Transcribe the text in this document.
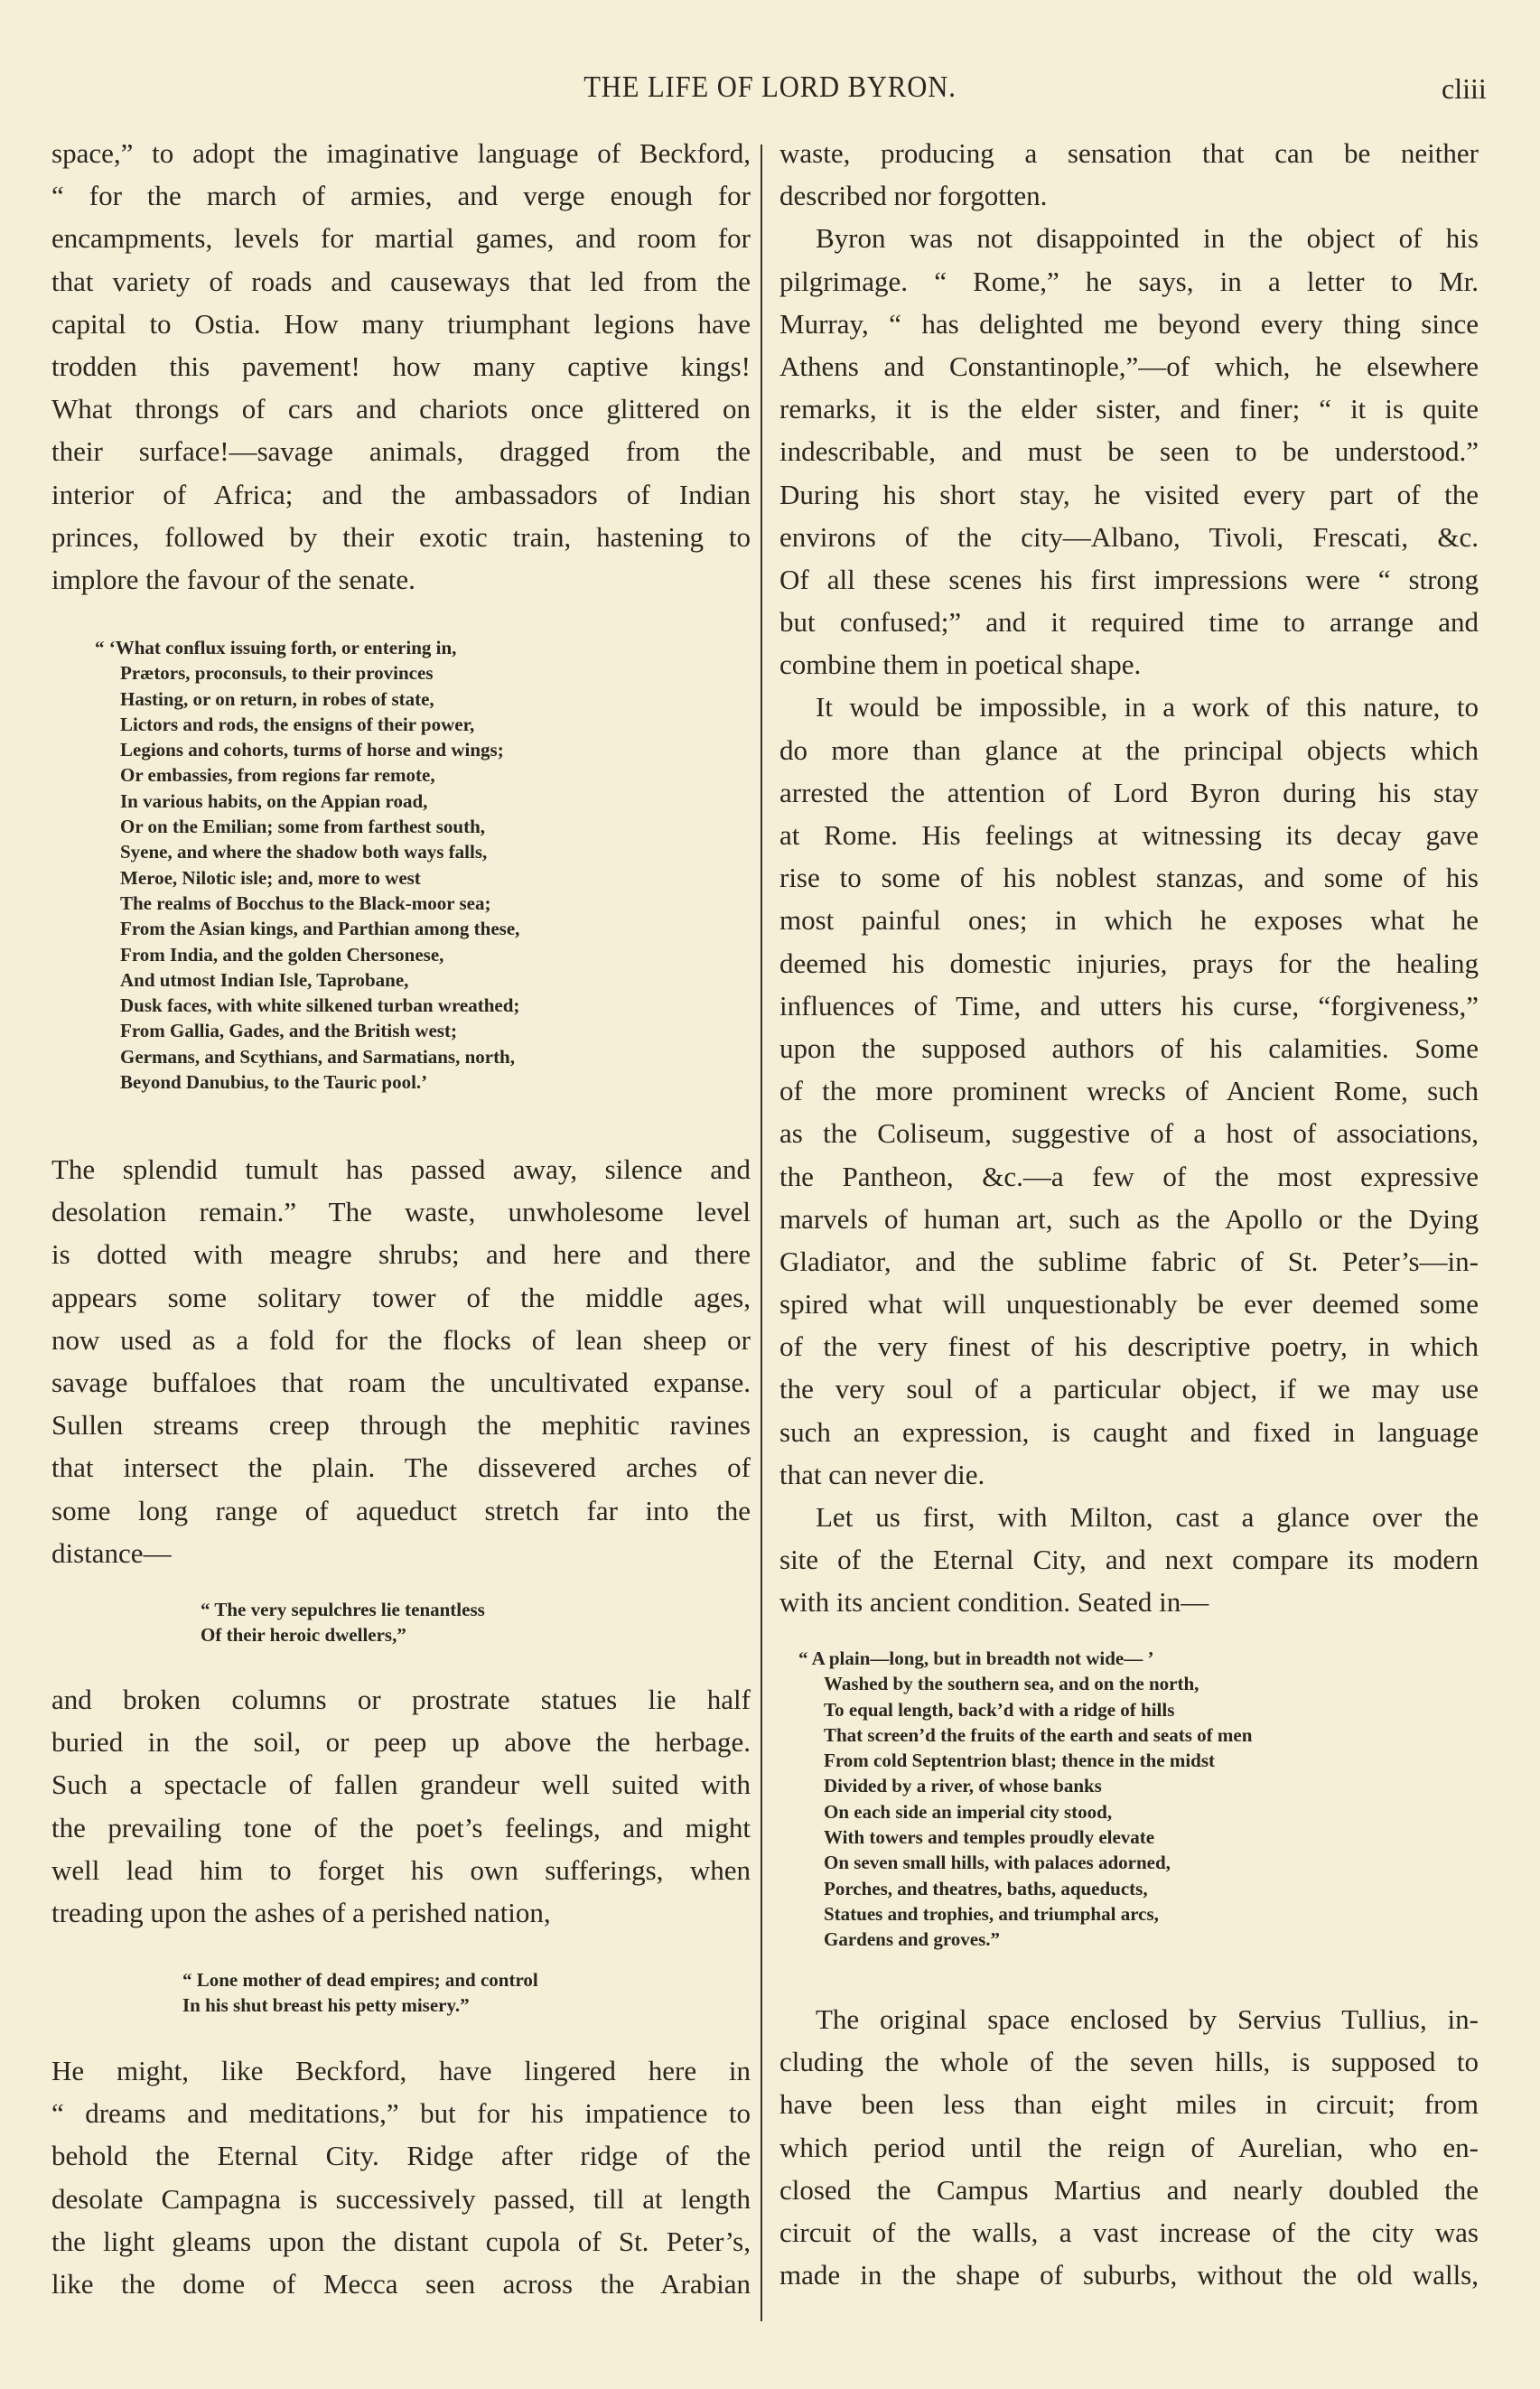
THE LIFE OF LORD BYRON.	cliii
space,” to adopt the imaginative language of Beckford,
“ for the march of armies, and verge enough for
encampments, levels for martial games, and room for
that variety of roads and causeways that led from the
capital to Ostia. How many triumphant legions have
trodden this pavement! how many captive kings!
What throngs of cars and chariots once glittered on
their surface!—savage animals, dragged from the
interior of Africa; and the ambassadors of Indian
princes, followed by their exotic train, hastening to
implore the favour of the senate.
“ ‘What conflux issuing forth, or entering in,
Prætors, proconsuls, to their provinces
Hasting, or on return, in robes of state,
Lictors and rods, the ensigns of their power,
Legions and cohorts, turms of horse and wings;
Or embassies, from regions far remote,
In various habits, on the Appian road,
Or on the Emilian; some from farthest south,
Syene, and where the shadow both ways falls,
Meroe, Nilotic isle; and, more to west
The realms of Bocchus to the Black-moor sea;
From the Asian kings, and Parthian among these,
From India, and the golden Chersonese,
And utmost Indian Isle, Taprobane,
Dusk faces, with white silkened turban wreathed;
From Gallia, Gades, and the British west;
Germans, and Scythians, and Sarmatians, north,
Beyond Danubius, to the Tauric pool.’
The splendid tumult has passed away, silence and
desolation remain.” The waste, unwholesome level
is dotted with meagre shrubs; and here and there
appears some solitary tower of the middle ages,
now used as a fold for the flocks of lean sheep or
savage buffaloes that roam the uncultivated expanse.
Sullen streams creep through the mephitic ravines
that intersect the plain. The dissevered arches of
some long range of aqueduct stretch far into the
distance—
“ The very sepulchres lie tenantless
Of their heroic dwellers,”
and broken columns or prostrate statues lie half
buried in the soil, or peep up above the herbage.
Such a spectacle of fallen grandeur well suited with
the prevailing tone of the poet’s feelings, and might
well lead him to forget his own sufferings, when
treading upon the ashes of a perished nation,
“ Lone mother of dead empires; and control
In his shut breast his petty misery.”
He might, like Beckford, have lingered here in
“ dreams and meditations,” but for his impatience to
behold the Eternal City. Ridge after ridge of the
desolate Campagna is successively passed, till at length
the light gleams upon the distant cupola of St. Peter’s,
like the dome of Mecca seen across the Arabian
waste, producing a sensation that can be neither
described nor forgotten.
Byron was not disappointed in the object of his
pilgrimage. “ Rome,” he says, in a letter to Mr.
Murray, “ has delighted me beyond every thing since
Athens and Constantinople,”—of which, he elsewhere
remarks, it is the elder sister, and finer; “ it is quite
indescribable, and must be seen to be understood.”
During his short stay, he visited every part of the
environs of the city—Albano, Tivoli, Frescati, &c.
Of all these scenes his first impressions were “ strong
but confused;” and it required time to arrange and
combine them in poetical shape.
It would be impossible, in a work of this nature, to
do more than glance at the principal objects which
arrested the attention of Lord Byron during his stay
at Rome. His feelings at witnessing its decay gave
rise to some of his noblest stanzas, and some of his
most painful ones; in which he exposes what he
deemed his domestic injuries, prays for the healing
influences of Time, and utters his curse, “forgiveness,”
upon the supposed authors of his calamities. Some
of the more prominent wrecks of Ancient Rome, such
as the Coliseum, suggestive of a host of associations,
the Pantheon, &c.—a few of the most expressive
marvels of human art, such as the Apollo or the Dying
Gladiator, and the sublime fabric of St. Peter’s—in-
spired what will unquestionably be ever deemed some
of the very finest of his descriptive poetry, in which
the very soul of a particular object, if we may use
such an expression, is caught and fixed in language
that can never die.
Let us first, with Milton, cast a glance over the
site of the Eternal City, and next compare its modern
with its ancient condition. Seated in—
“ A plain—long, but in breadth not wide— ’
Washed by the southern sea, and on the north,
To equal length, back’d with a ridge of hills
That screen’d the fruits of the earth and seats of men
From cold Septentrion blast; thence in the midst
Divided by a river, of whose banks
On each side an imperial city stood,
With towers and temples proudly elevate
On seven small hills, with palaces adorned,
Porches, and theatres, baths, aqueducts,
Statues and trophies, and triumphal arcs,
Gardens and groves.”
The original space enclosed by Servius Tullius, in-
cluding the whole of the seven hills, is supposed to
have been less than eight miles in circuit; from
which period until the reign of Aurelian, who en-
closed the Campus Martius and nearly doubled the
circuit of the walls, a vast increase of the city was
made in the shape of suburbs, without the old walls,
